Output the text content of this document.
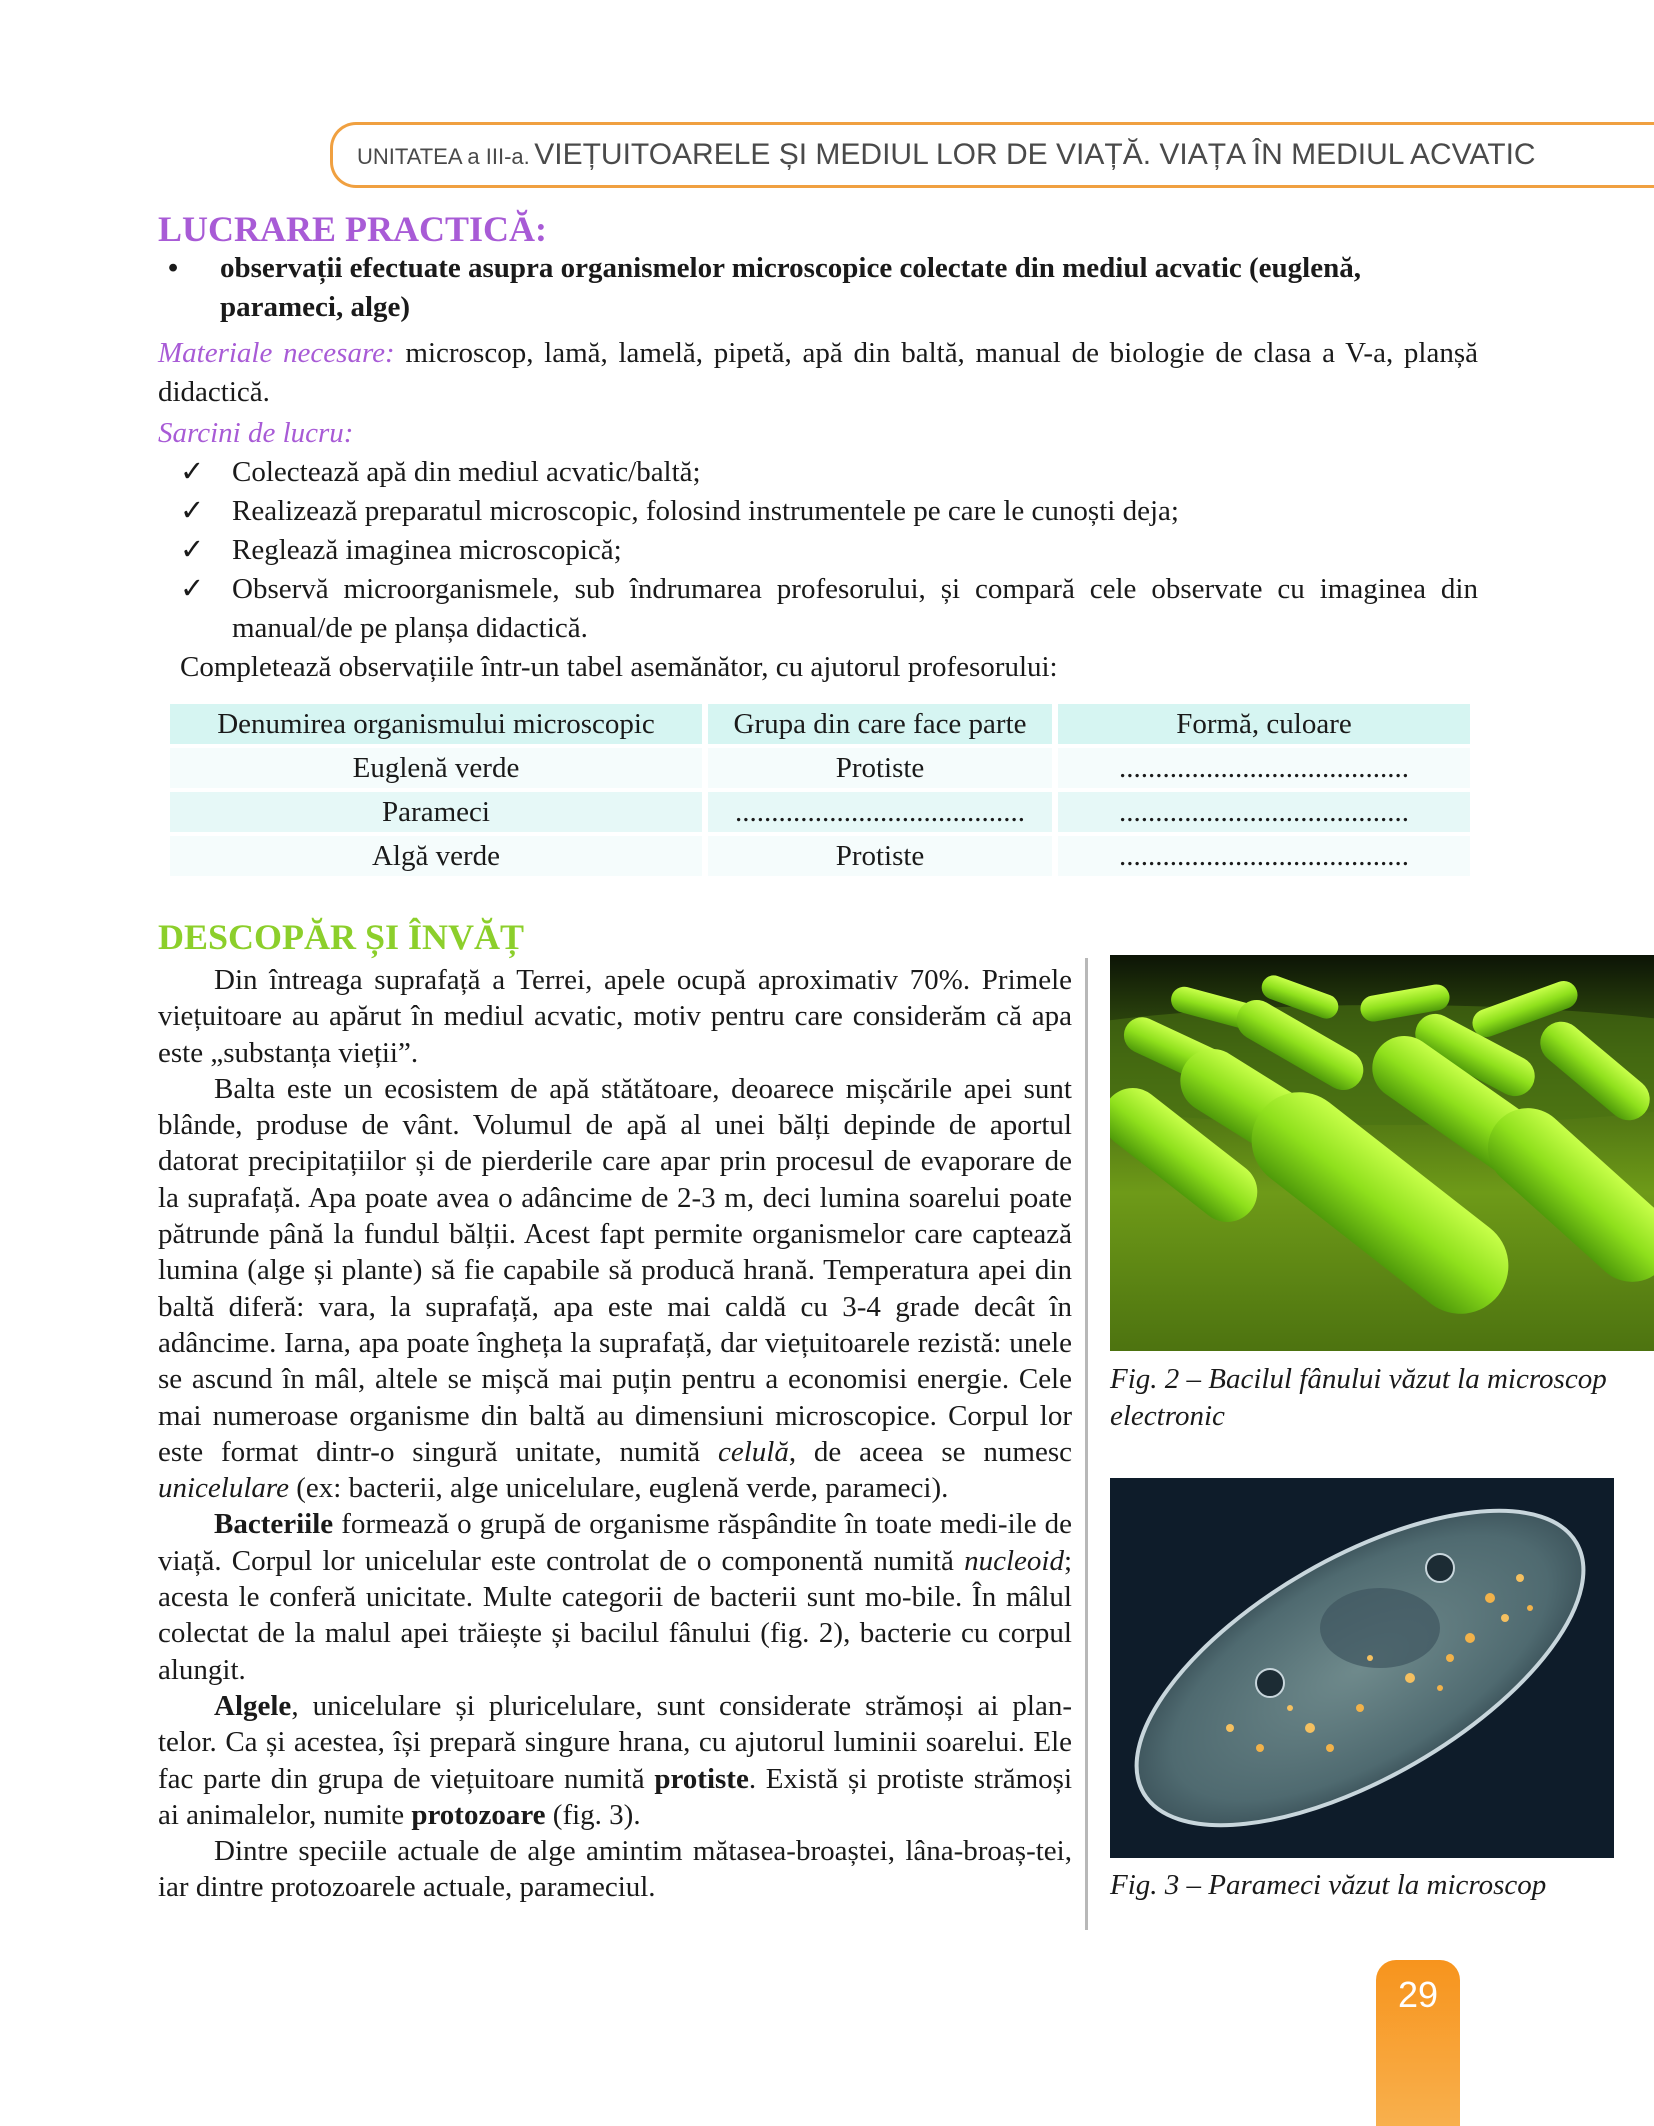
UNITATEA a III-a. VIEȚUITOARELE ȘI MEDIUL LOR DE VIAȚĂ. VIAȚA ÎN MEDIUL ACVATIC
LUCRARE PRACTICĂ:
•	observații efectuate asupra organismelor microscopice colectate din mediul acvatic (euglenă, parameci, alge)
Materiale necesare: microscop, lamă, lamelă, pipetă, apă din baltă, manual de biologie de clasa a V-a, planșă didactică.
Sarcini de lucru:
✓ Colectează apă din mediul acvatic/baltă;
✓ Realizează preparatul microscopic, folosind instrumentele pe care le cunoști deja;
✓ Reglează imaginea microscopică;
✓ Observă microorganismele, sub îndrumarea profesorului, și compară cele observate cu imaginea din manual/de pe planșa didactică.
Completează observațiile într-un tabel asemănător, cu ajutorul profesorului:
Denumirea organismului microscopic	Grupa din care face parte	Formă, culoare
Euglenă verde	Protiste	........................................
Parameci	........................................	........................................
Algă verde	Protiste	........................................
DESCOPĂR ȘI ÎNVĂȚ

Din întreaga suprafață a Terrei, apele ocupă aproximativ 70%. Primele viețuitoare au apărut în mediul acvatic, motiv pentru care considerăm că apa este „substanța vieții”.

Balta este un ecosistem de apă stătătoare, deoarece mișcările apei sunt blânde, produse de vânt. Volumul de apă al unei bălți depinde de aportul datorat precipitațiilor și de pierderile care apar prin procesul de evaporare de la suprafață. Apa poate avea o adâncime de 2-3 m, deci lumina soarelui poate pătrunde până la fundul bălții. Acest fapt permite organismelor care captează lumina (alge și plante) să fie capabile să producă hrană. Temperatura apei din baltă diferă: vara, la suprafață, apa este mai caldă cu 3-4 grade decât în adâncime. Iarna, apa poate îngheța la suprafață, dar viețuitoarele rezistă: unele se ascund în mâl, altele se mișcă mai puțin pentru a economisi energie. Cele mai numeroase organisme din baltă au dimensiuni microscopice. Corpul lor este format dintr-o singură unitate, numită celulă, de aceea se numesc unicelulare (ex: bacterii, alge unicelulare, euglenă verde, parameci).

Bacteriile formează o grupă de organisme răspândite în toate medi-ile de viață. Corpul lor unicelular este controlat de o componentă numită nucleoid; acesta le conferă unicitate. Multe categorii de bacterii sunt mo-bile. În mâlul colectat de la malul apei trăiește și bacilul fânului (fig. 2), bacterie cu corpul alungit.

Algele, unicelulare și pluricelulare, sunt considerate strămoși ai plan-telor. Ca și acestea, își prepară singure hrana, cu ajutorul luminii soarelui. Ele fac parte din grupa de viețuitoare numită protiste. Există și protiste strămoși ai animalelor, numite protozoare (fig. 3).

Dintre speciile actuale de alge amintim mătasea-broaștei, lâna-broaș-tei, iar dintre protozoarele actuale, parameciul.

Fig. 2 – Bacilul fânului văzut la microscop electronic
Fig. 3 – Parameci văzut la microscop
29
